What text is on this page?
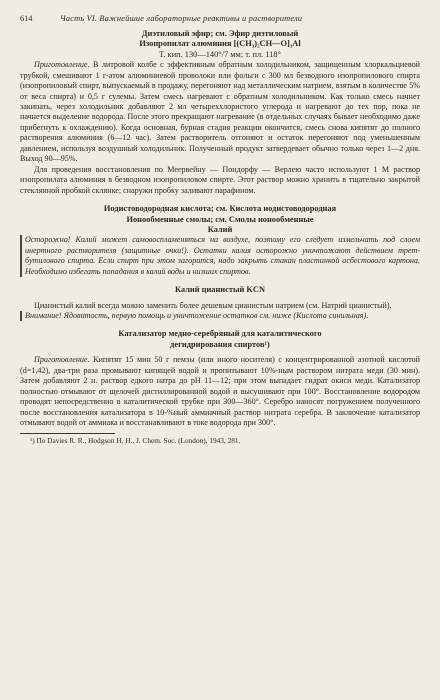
614	Часть VI. Важнейшие лабораторные реактивы и растворители
Диэтиловый эфир; см. Эфир диэтиловый
Изопропилат алюминия [(CH₃)₂CH—O]₃Al
Т. кип. 130—140°/7 мм; т. пл. 118°

Приготовление. В литровой колбе с эффективным обратным холодильником, защищенным хлоркальциевой трубкой, смешивают 1 г-атом алюминиевой проволоки или фольги с 300 мл безводного изопропилового спирта (изопропиловый спирт, выпускаемый в продажу, перегоняют над металлическим натрием, взятым в количестве 5% от веса спирта) и 0,5 г сулемы. Затем смесь нагревают с обратным холодильником. Как только смесь начнет закипать, через холодильник добавляют 2 мл четыреххлористого углерода и нагревают до тех пор, пока не начнется выделение водорода. После этого прекращают нагревание (в отдельных случаях бывает необходимо даже прибегнуть к охлаждению). Когда основная, бурная стадия реакции окончится, смесь снова кипятят до полного растворения алюминия (6—12 час). Затем растворитель отгоняют и остаток перегоняют под уменьшенным давлением, используя воздушный холодильник. Полученный продукт затвердевает обычно только через 1—2 дня. Выход 90—95%.

Для проведения восстановления по Меервейну — Пондорфу — Верлею часто используют 1 М раствор изопропилата алюминия в безводном изопропиловом спирте. Этот раствор можно хранить в тщательно закрытой стеклянной пробкой склянке; снаружи пробку заливают парафином.

Иодистоводородная кислота; см. Кислота иодистоводородная
Ионообменные смолы; см. Смолы ионообменные
Калий

Осторожно! Калий может самовоспламеняться на воздухе, поэтому его следует измельчать под слоем инертного растворителя (защитные очки!). Остатки калия осторожно уничтожают действием трет-бутилового спирта. Если спирт при этом загорится, надо закрыть стакан пластинкой асбестового картона. Необходимо избегать попадания в калий воды и низших спиртов.

Калий цианистый KCN

Цианистый калий всегда можно заменить более дешевым цианистым натрием (см. Натрий цианистый).

Внимание! Ядовитость, первую помощь и уничтожение остатков см. ниже (Кислота синильная).

Катализатор медно-серебряный для каталитического
дегидрирования спиртов¹)

Приготовление. Кипятят 15 мин 50 г пемзы (или иного носителя) с концентрированной азотной кислотой (d=1,42), два-три раза промывают кипящей водой и пропитывают 10%-ным раствором нитрата меди (30 мин). Затем добавляют 2 н. раствор едкого натра до pH 11—12; при этом выпадает гидрат окиси меди. Катализатор полностью отмывают от щелочей дистиллированной водой и высушивают при 100°. Восстановление водородом проводят непосредственно в каталитической трубке при 300—360°. Серебро наносят погружением полученного после восстановления катализатора в 10-%ный аммиачный раствор нитрата серебра. В заключение катализатор отмывают водой от аммиака и восстанавливают в токе водорода при 300°.

¹) По Davies R. R., Hodgson H. H., J. Chem. Soc. (London), 1943, 281.
